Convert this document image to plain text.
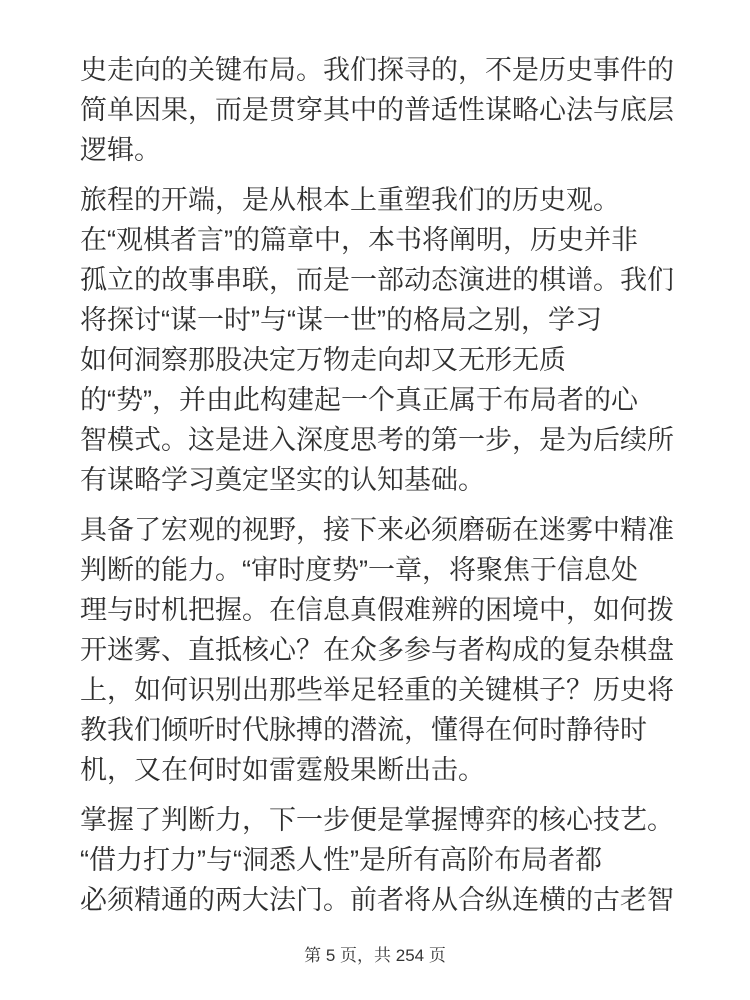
史走向的关键布局。我们探寻的，不是历史事件的
简单因果，而是贯穿其中的普适性谋略心法与底层
逻辑。
旅程的开端，是从根本上重塑我们的历史观。
在“观棋者言”的篇章中，本书将阐明，历史并非
孤立的故事串联，而是一部动态演进的棋谱。我们
将探讨“谋一时”与“谋一世”的格局之别，学习
如何洞察那股决定万物走向却又无形无质
的“势”，并由此构建起一个真正属于布局者的心
智模式。这是进入深度思考的第一步，是为后续所
有谋略学习奠定坚实的认知基础。
具备了宏观的视野，接下来必须磨砺在迷雾中精准
判断的能力。“审时度势”一章，将聚焦于信息处
理与时机把握。在信息真假难辨的困境中，如何拨
开迷雾、直抵核心？在众多参与者构成的复杂棋盘
上，如何识别出那些举足轻重的关键棋子？历史将
教我们倾听时代脉搏的潜流，懂得在何时静待时
机，又在何时如雷霆般果断出击。
掌握了判断力，下一步便是掌握博弈的核心技艺。
“借力打力”与“洞悉人性”是所有高阶布局者都
必须精通的两大法门。前者将从合纵连横的古老智
第 5 页，共 254 页
